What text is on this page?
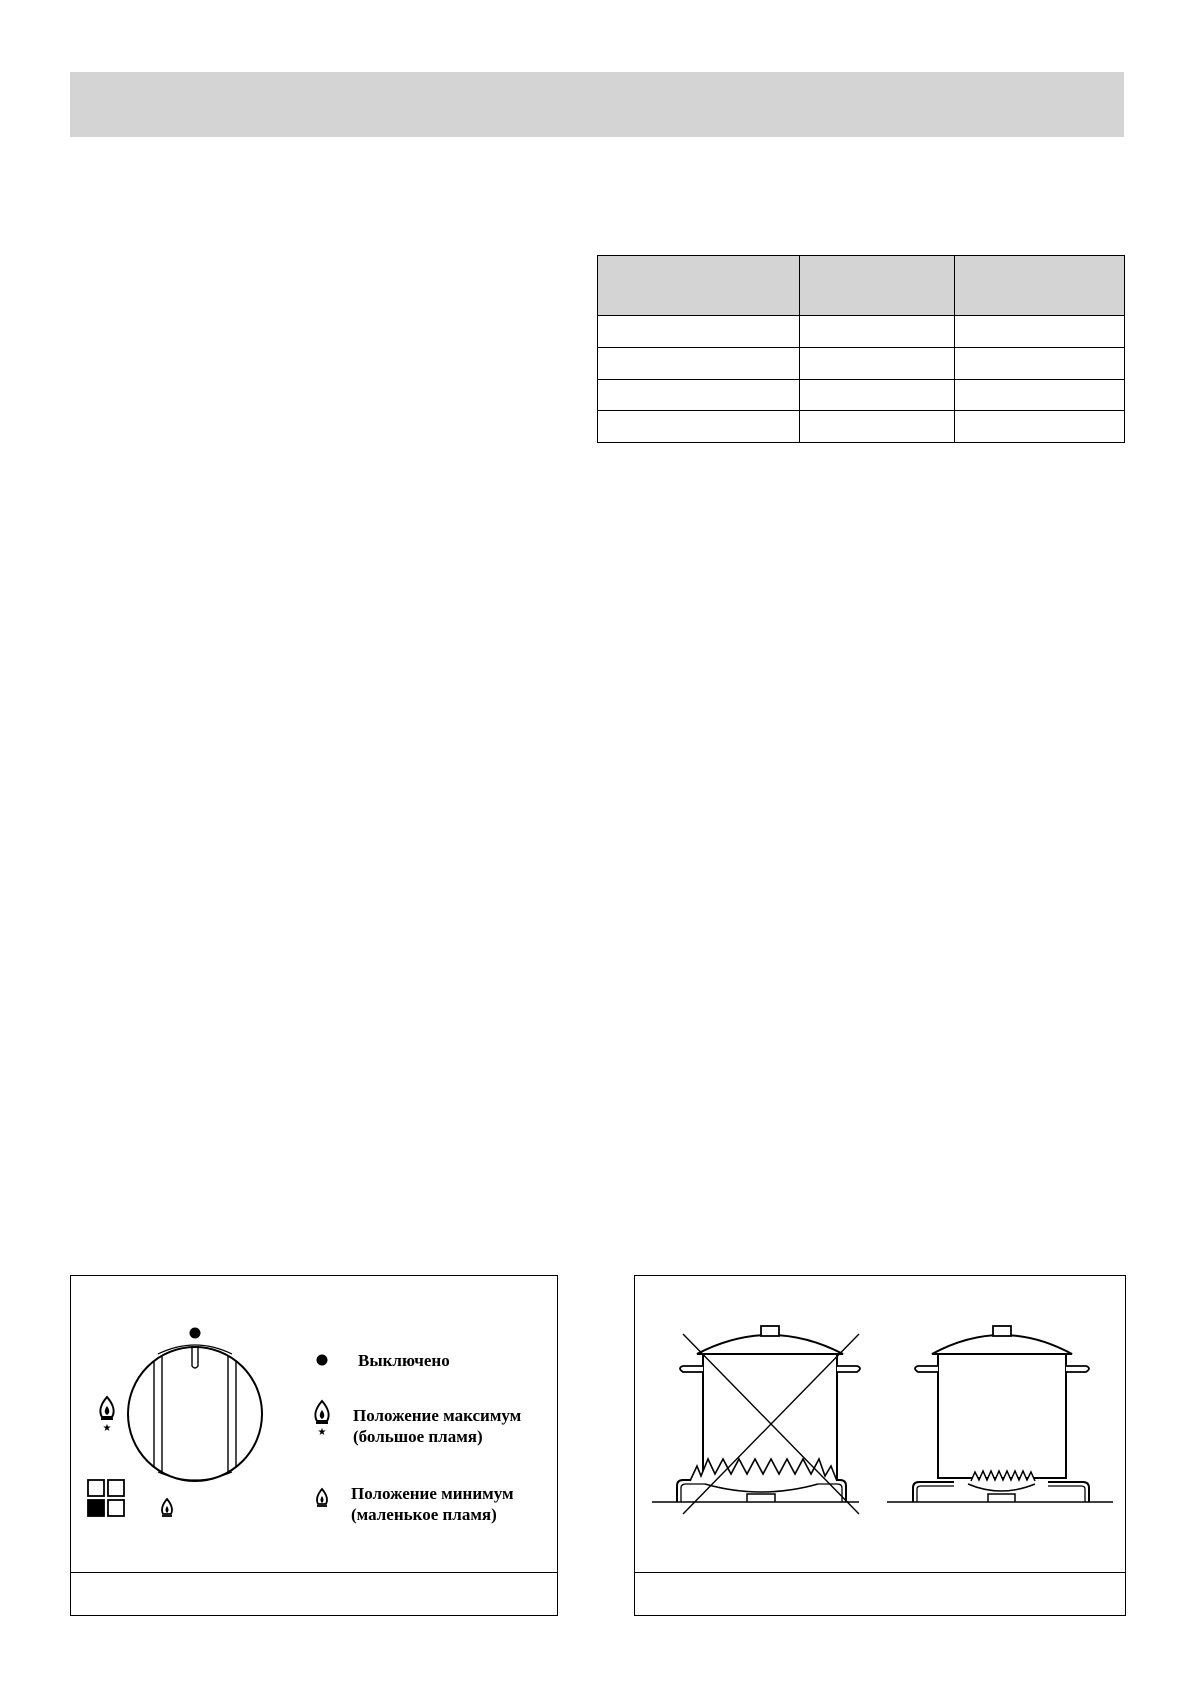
★	★
Выключено
Положение максимум
(большое пламя)
Положение минимум
(маленькое пламя)
